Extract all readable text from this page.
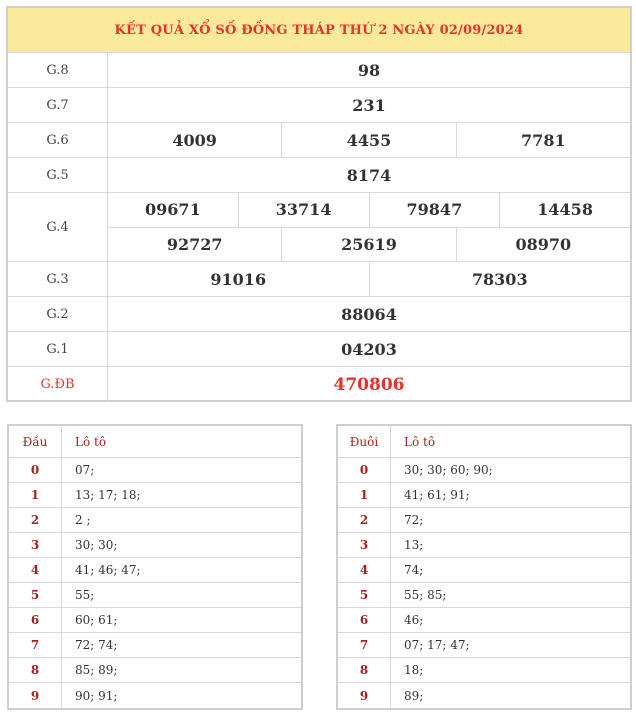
KẾT QUẢ XỔ SỐ ĐỒNG THÁP THỨ 2 NGÀY 02/09/2024
G.8	98
G.7	231
G.6	4009	4455	7781
G.5	8174
G.4
09671	33714	79847	14458
92727	25619	08970
G.3	91016	78303
G.2	88064
G.1	04203
G.ĐB	470806
Đầu	Lô tô
0	07;
1	13; 17; 18;
2	2 ;
3	30; 30;
4	41; 46; 47;
5	55;
6	60; 61;
7	72; 74;
8	85; 89;
9	90; 91;
Đuôi	Lô tô
0	30; 30; 60; 90;
1	41; 61; 91;
2	72;
3	13;
4	74;
5	55; 85;
6	46;
7	07; 17; 47;
8	18;
9	89;
